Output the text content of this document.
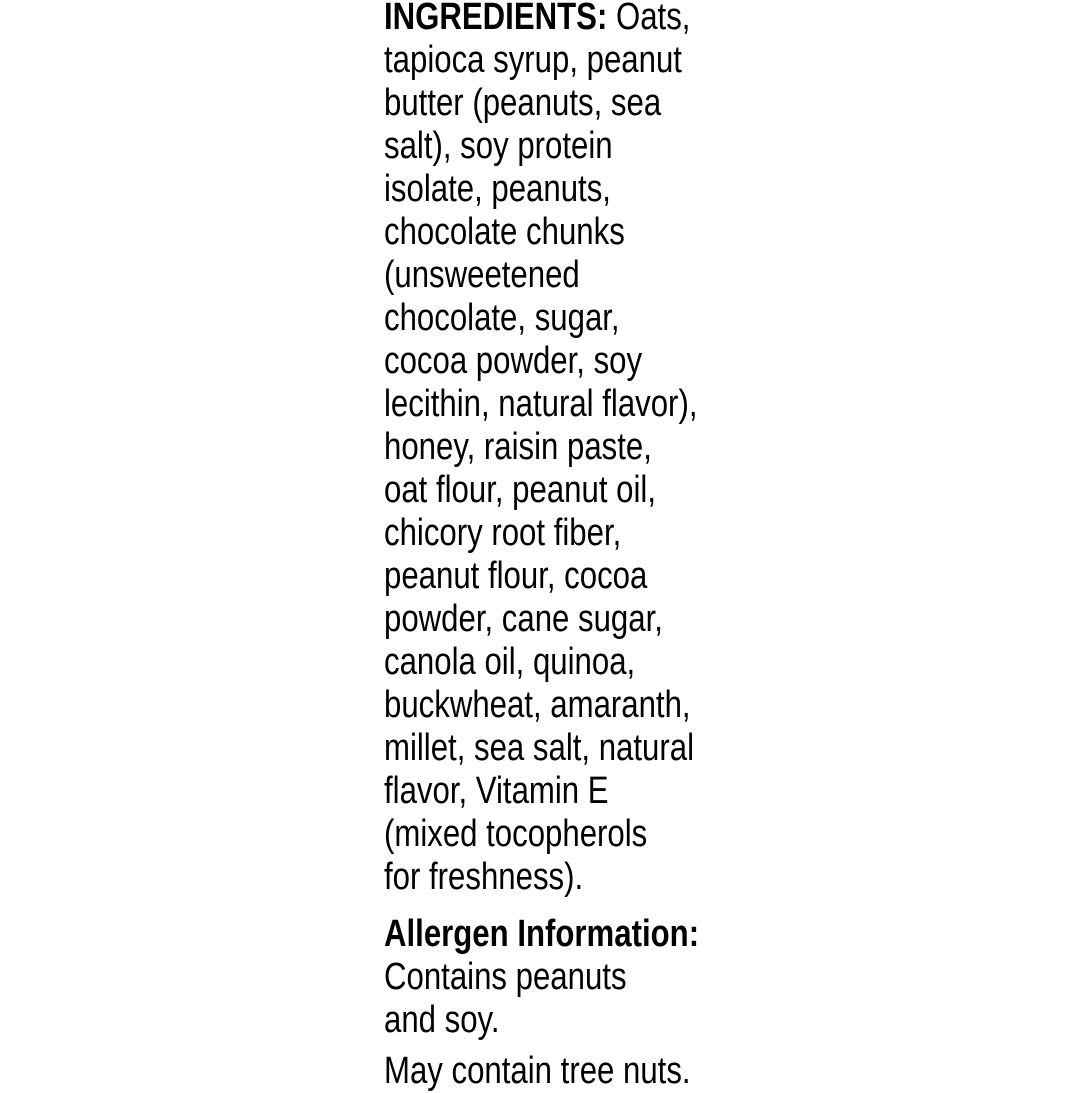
INGREDIENTS: Oats,
tapioca syrup, peanut
butter (peanuts, sea
salt), soy protein
isolate, peanuts,
chocolate chunks
(unsweetened
chocolate, sugar,
cocoa powder, soy
lecithin, natural flavor),
honey, raisin paste,
oat flour, peanut oil,
chicory root fiber,
peanut flour, cocoa
powder, cane sugar,
canola oil, quinoa,
buckwheat, amaranth,
millet, sea salt, natural
flavor, Vitamin E
(mixed tocopherols
for freshness).
Allergen Information:
Contains peanuts
and soy.
May contain tree nuts.
